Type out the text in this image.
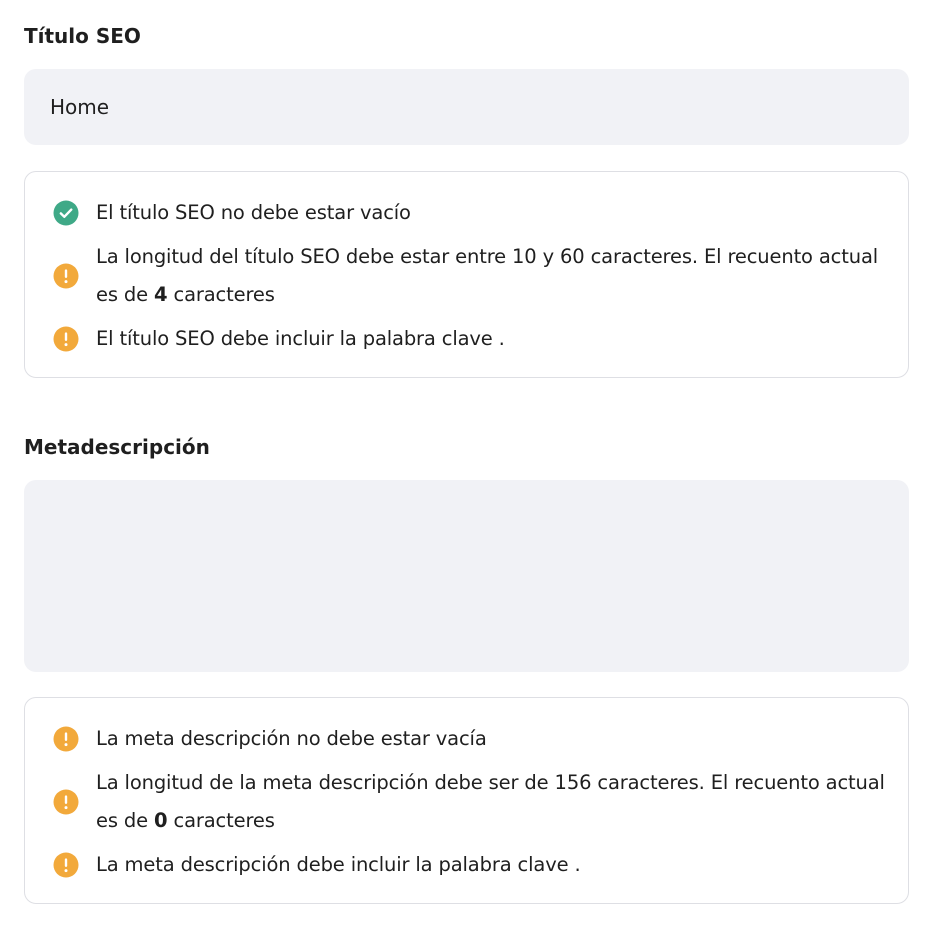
Título SEO
Home
El título SEO no debe estar vacío
La longitud del título SEO debe estar entre 10 y 60 caracteres. El recuento actual es de 4 caracteres
El título SEO debe incluir la palabra clave .
Metadescripción
La meta descripción no debe estar vacía
La longitud de la meta descripción debe ser de 156 caracteres. El recuento actual es de 0 caracteres
La meta descripción debe incluir la palabra clave .
